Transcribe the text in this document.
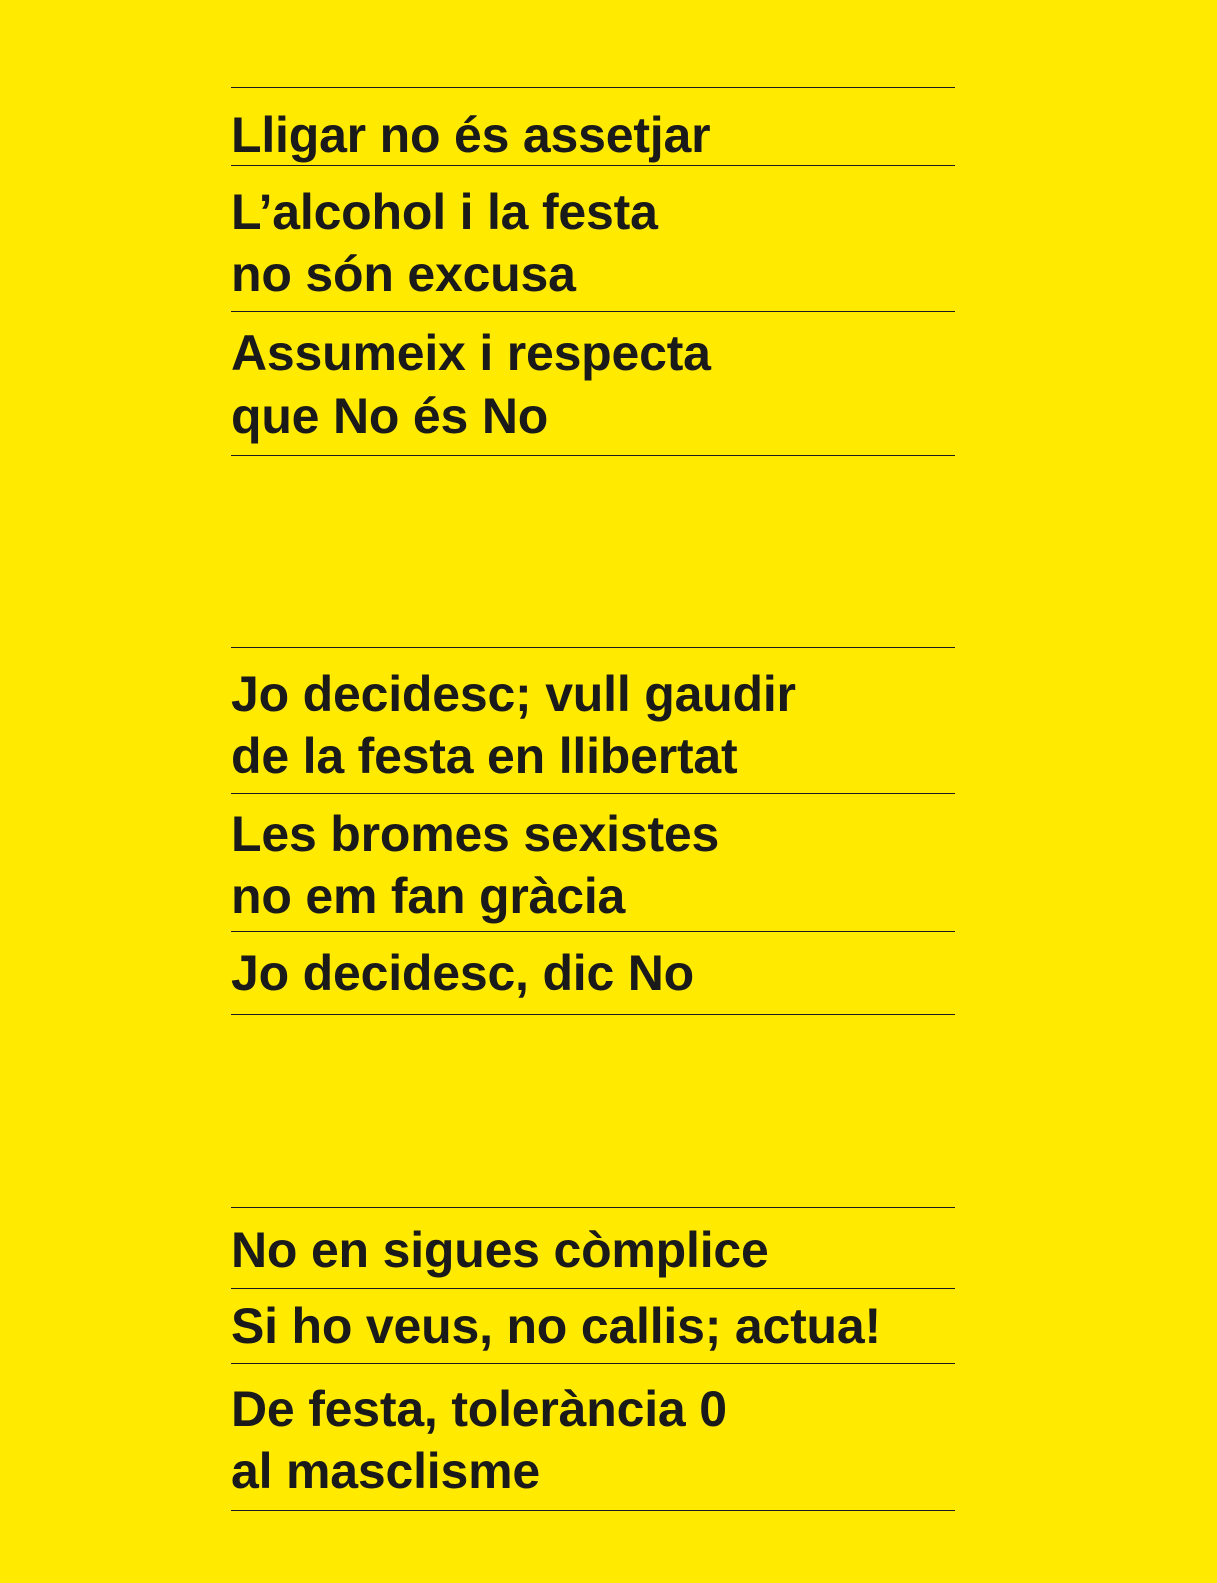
Lligar no és assetjar
L’alcohol i la festa
no són excusa
Assumeix i respecta
que No és No
Jo decidesc; vull gaudir
de la festa en llibertat
Les bromes sexistes
no em fan gràcia
Jo decidesc, dic No
No en sigues còmplice
Si ho veus, no callis; actua!
De festa, tolerància 0
al masclisme
